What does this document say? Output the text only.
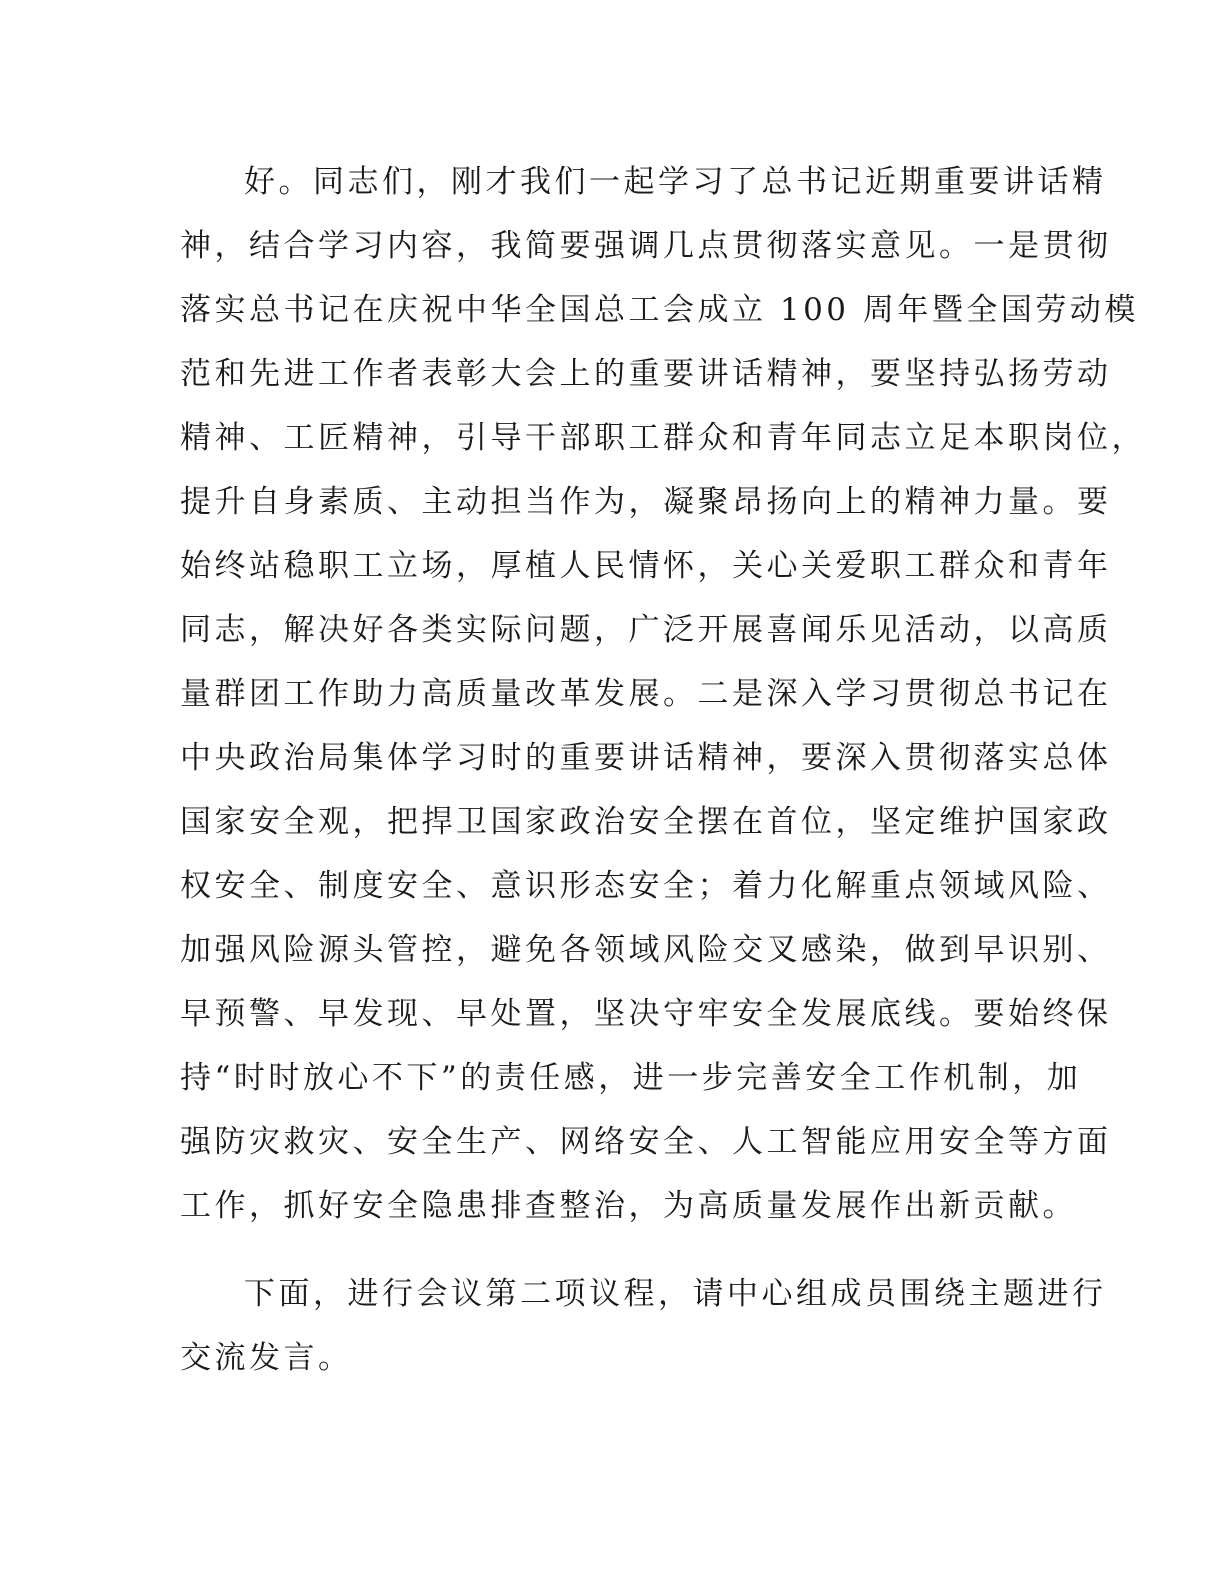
好。同志们，刚才我们一起学习了总书记近期重要讲话精
神，结合学习内容，我简要强调几点贯彻落实意见。一是贯彻
落实总书记在庆祝中华全国总工会成立 100 周年暨全国劳动模
范和先进工作者表彰大会上的重要讲话精神，要坚持弘扬劳动
精神、工匠精神，引导干部职工群众和青年同志立足本职岗位，
提升自身素质、主动担当作为，凝聚昂扬向上的精神力量。要
始终站稳职工立场，厚植人民情怀，关心关爱职工群众和青年
同志，解决好各类实际问题，广泛开展喜闻乐见活动，以高质
量群团工作助力高质量改革发展。二是深入学习贯彻总书记在
中央政治局集体学习时的重要讲话精神，要深入贯彻落实总体
国家安全观，把捍卫国家政治安全摆在首位，坚定维护国家政
权安全、制度安全、意识形态安全；着力化解重点领域风险、
加强风险源头管控，避免各领域风险交叉感染，做到早识别、
早预警、早发现、早处置，坚决守牢安全发展底线。要始终保
持“时时放心不下”的责任感，进一步完善安全工作机制，加
强防灾救灾、安全生产、网络安全、人工智能应用安全等方面
工作，抓好安全隐患排查整治，为高质量发展作出新贡献。
下面，进行会议第二项议程，请中心组成员围绕主题进行
交流发言。
